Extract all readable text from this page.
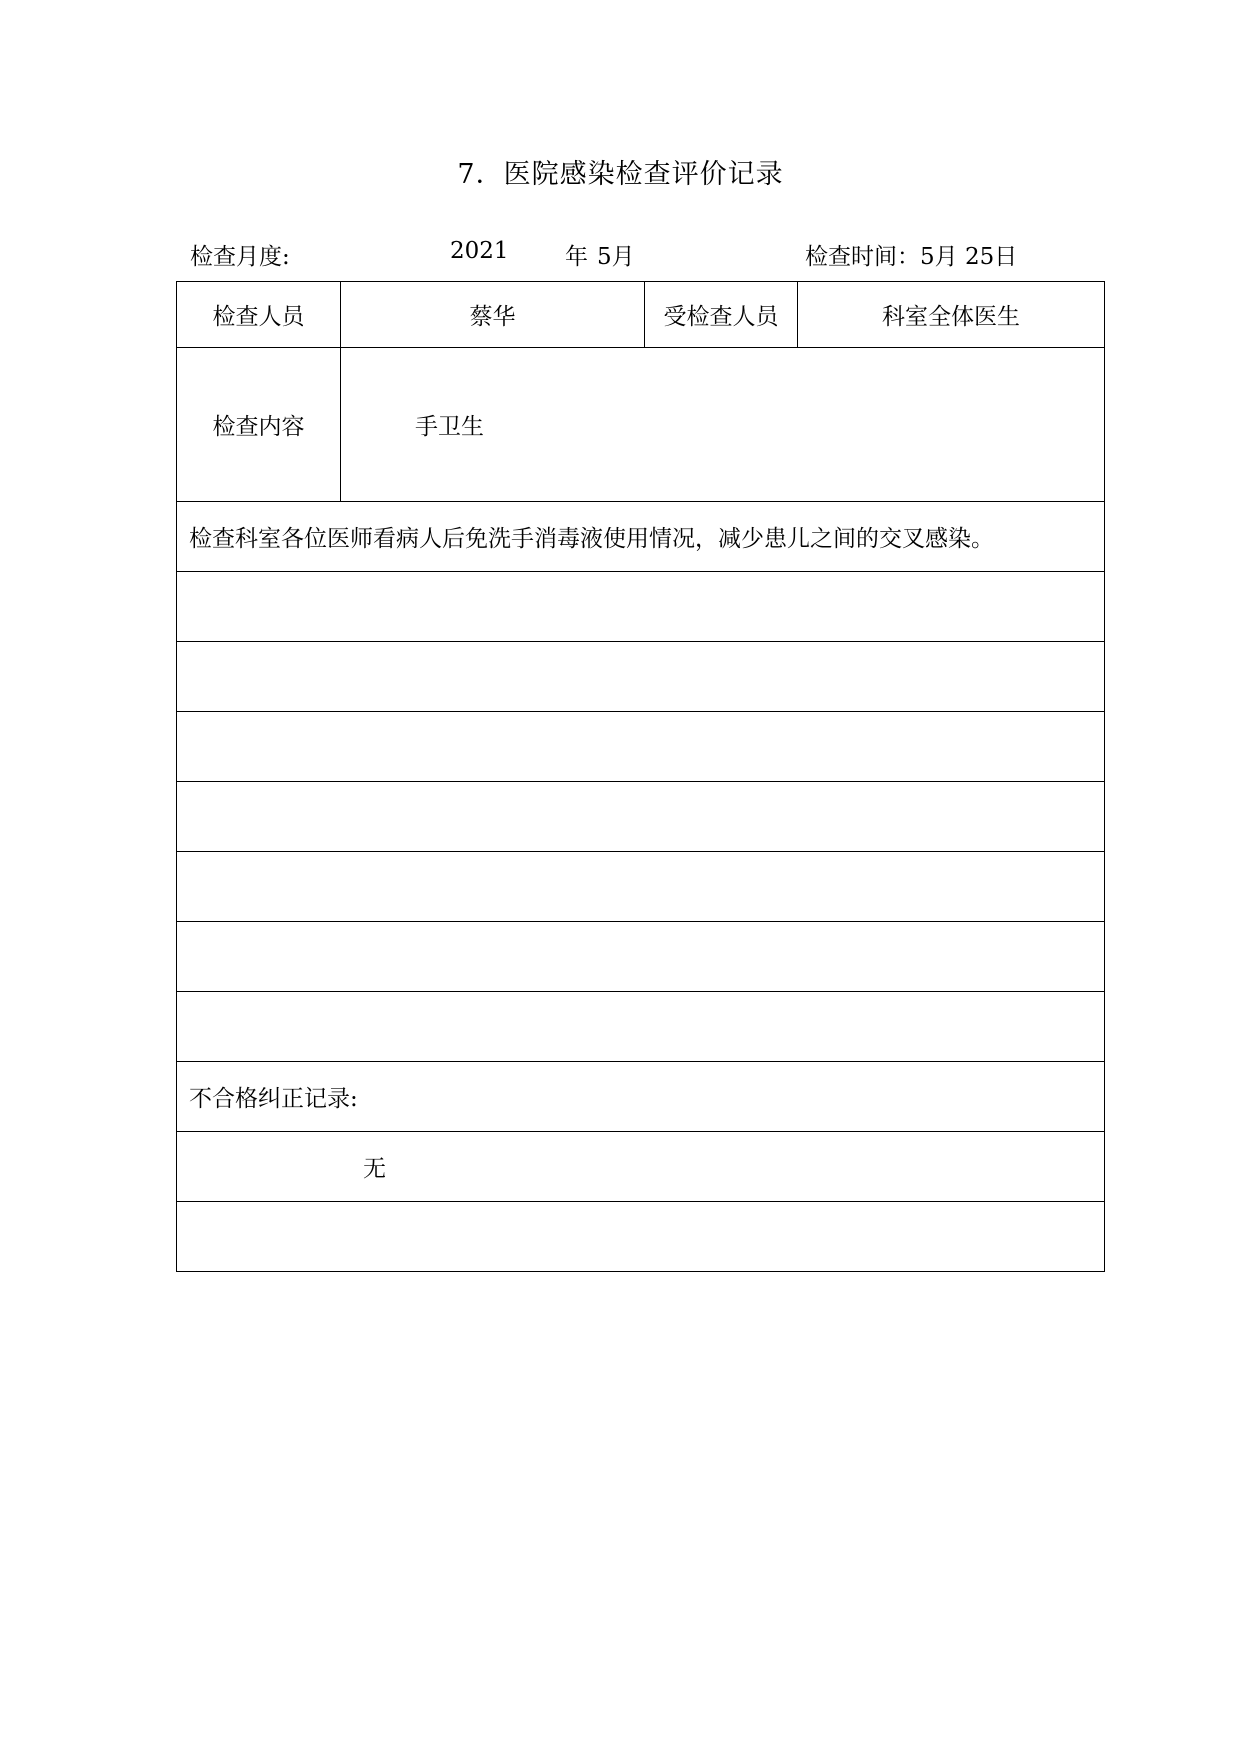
7．医院感染检查评价记录
检查月度:	2021 年 5月	检查时间：5月 25日
检查人员	蔡华	受检查人员	科室全体医生
检查内容	手卫生		
检查科室各位医师看病人后免洗手消毒液使用情况，减少患儿之间的交叉感染。			

不合格纠正记录:			
无			
